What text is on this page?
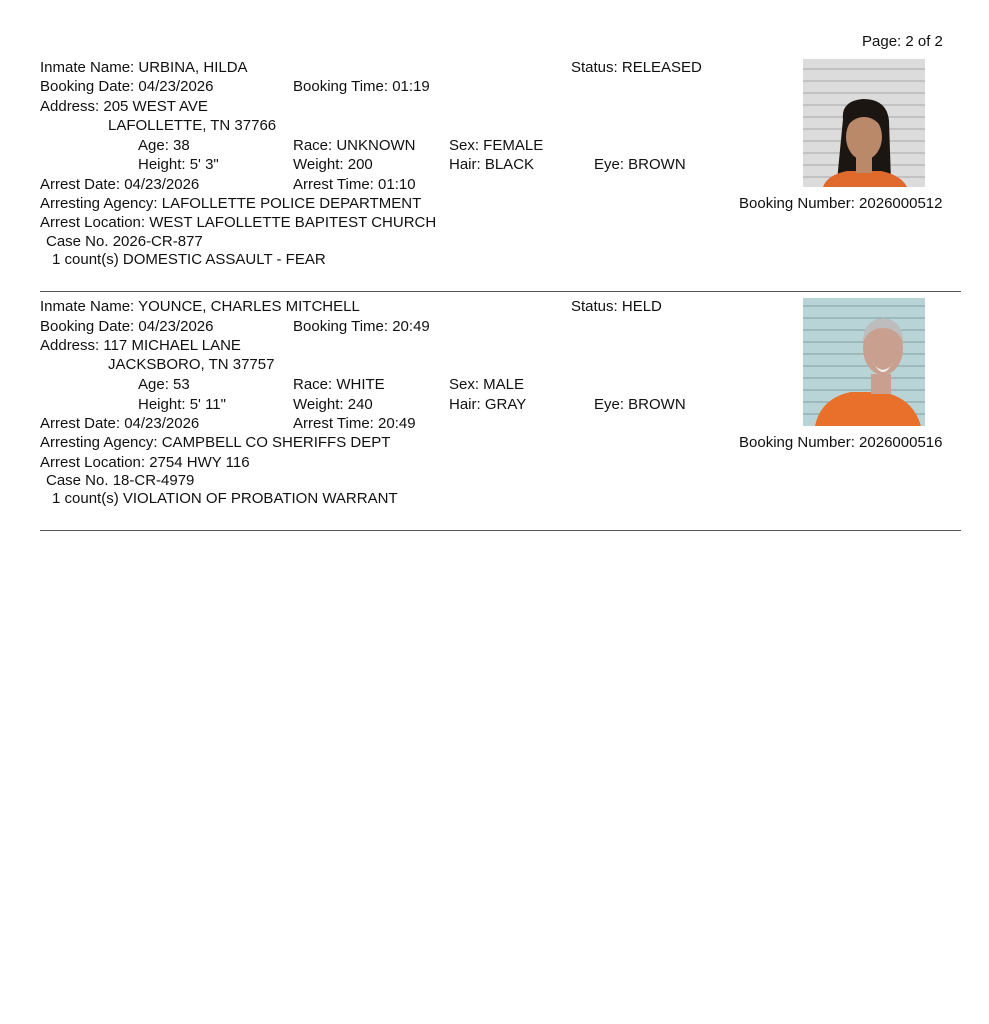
Page: 2 of 2
Inmate Name: URBINA, HILDA	Status: RELEASED
Booking Date: 04/23/2026	Booking Time: 01:19
Address: 205 WEST AVE
LAFOLLETTE, TN 37766
Age: 38	Race: UNKNOWN Sex: FEMALE
Height: 5' 3"	Weight: 200	Hair: BLACK	Eye: BROWN
Arrest Date: 04/23/2026	Arrest Time: 01:10
Arresting Agency: LAFOLLETTE POLICE DEPARTMENT	Booking Number: 2026000512
Arrest Location: WEST LAFOLLETTE BAPITEST CHURCH
Case No. 2026-CR-877
1 count(s) DOMESTIC ASSAULT - FEAR
Inmate Name: YOUNCE, CHARLES MITCHELL	Status: HELD
Booking Date: 04/23/2026	Booking Time: 20:49
Address: 117 MICHAEL LANE
JACKSBORO, TN 37757
Age: 53	Race: WHITE	Sex: MALE
Height: 5' 11"	Weight: 240	Hair: GRAY	Eye: BROWN
Arrest Date: 04/23/2026	Arrest Time: 20:49
Arresting Agency: CAMPBELL CO SHERIFFS DEPT	Booking Number: 2026000516
Arrest Location: 2754 HWY 116
Case No. 18-CR-4979
1 count(s) VIOLATION OF PROBATION WARRANT
